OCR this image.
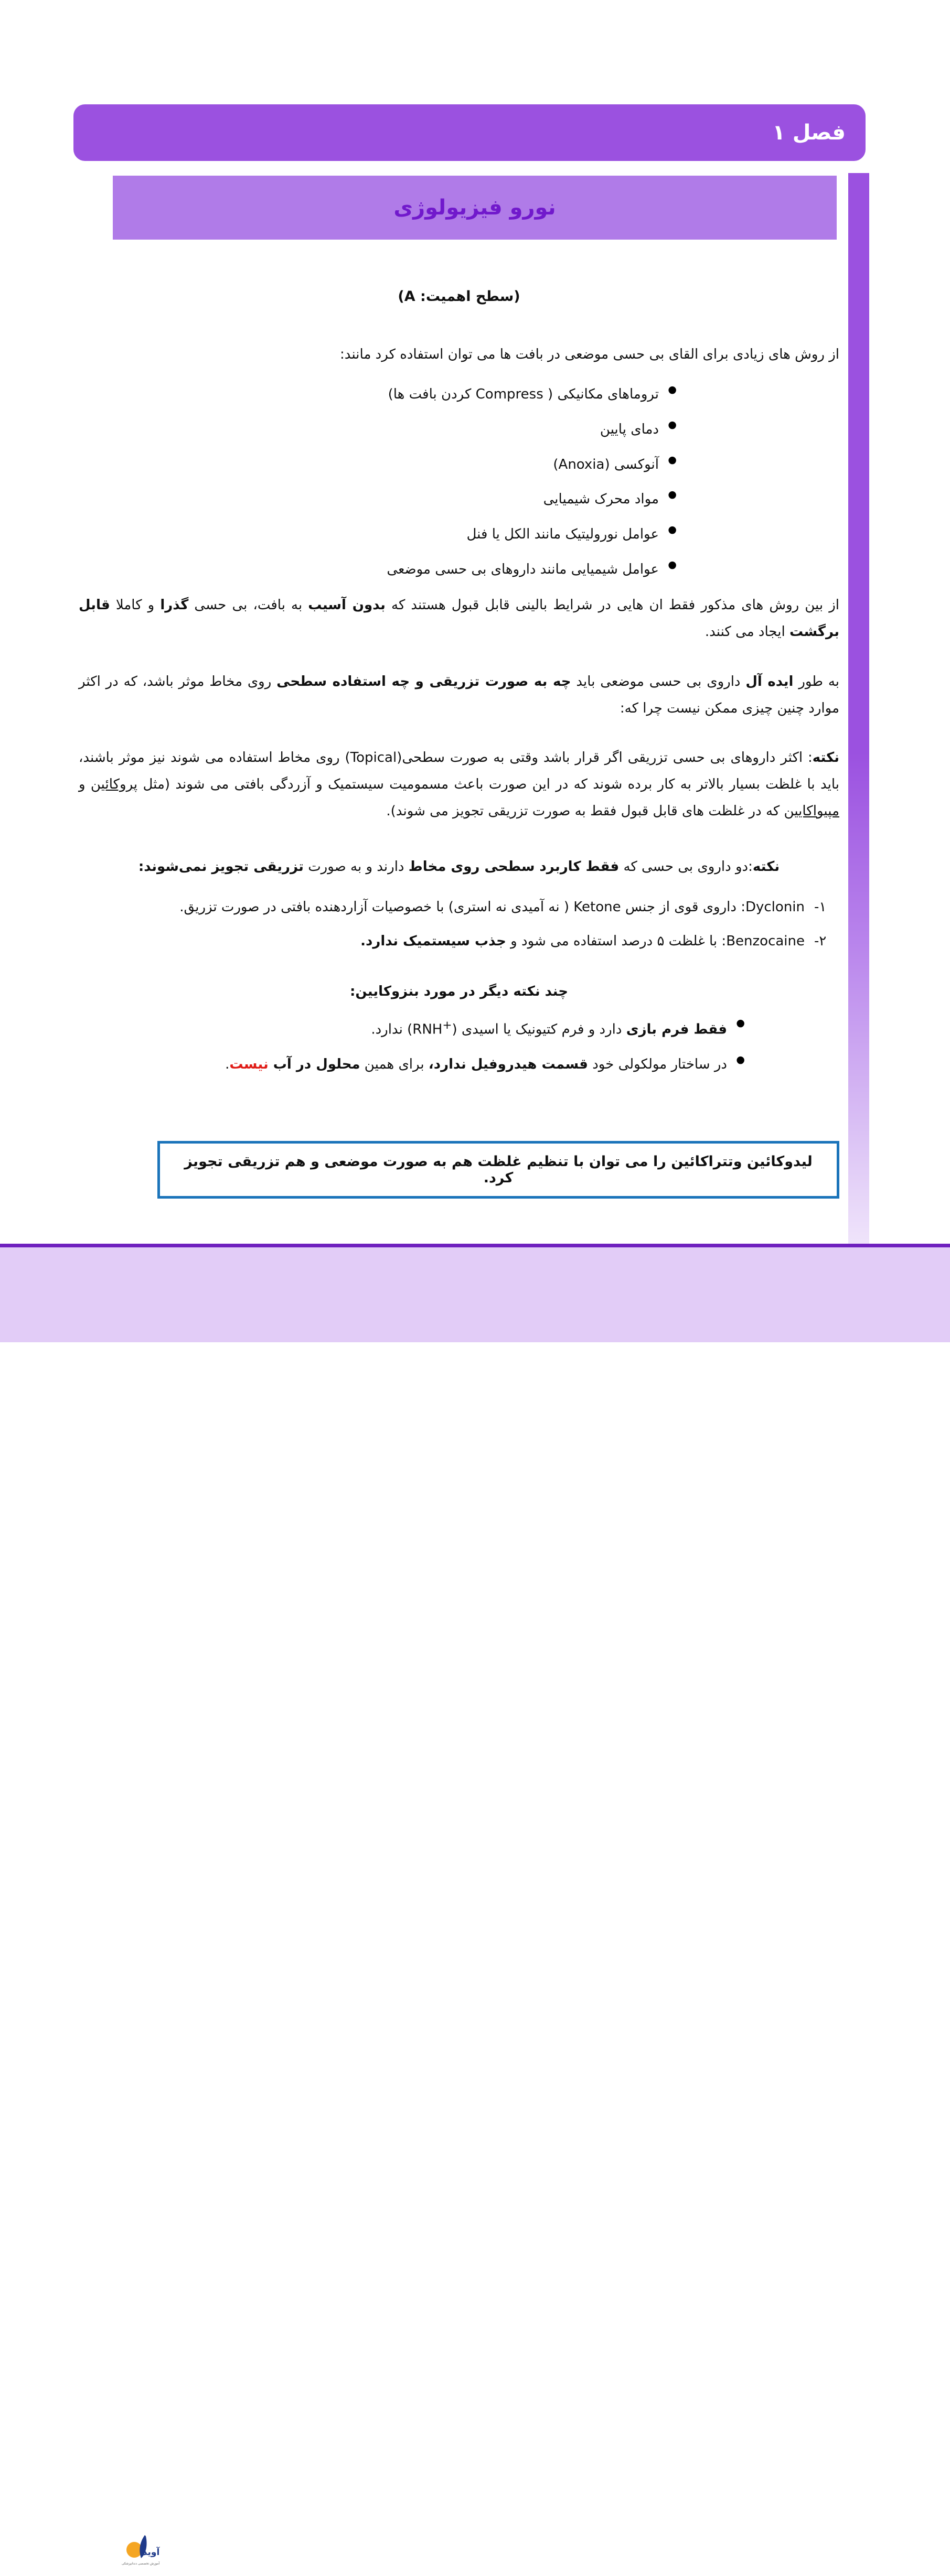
فصل ۱
نورو فیزیولوژی
(سطح اهمیت: A)

از روش های زیادی برای القای بی حسی موضعی در بافت ها می توان استفاده کرد مانند:

● تروماهای مکانیکی ( Compress کردن بافت ها)
● دمای پایین
● آنوکسی (Anoxia)
● مواد محرک شیمیایی
● عوامل نورولیتیک مانند الکل یا فنل
● عوامل شیمیایی مانند داروهای بی حسی موضعی

از بین روش های مذکور فقط ان هایی در شرایط بالینی قابل قبول هستند که بدون آسیب به بافت، بی حسی گذرا و کاملا قابل برگشت ایجاد می کنند.

به طور ایده آل داروی بی حسی موضعی باید چه به صورت تزریقی و چه استفاده سطحی روی مخاط موثر باشد، که در اکثر موارد چنین چیزی ممکن نیست چرا که:

نکته: اکثر داروهای بی حسی تزریقی اگر قرار باشد وقتی به صورت سطحی(Topical) روی مخاط استفاده می شوند نیز موثر باشند، باید با غلظت بسیار بالاتر به کار برده شوند که در این صورت باعث مسمومیت سیستمیک و آزردگی بافتی می شوند (مثل پروکائین و مپیواکایین که در غلظت های قابل قبول فقط به صورت تزریقی تجویز می شوند).

نکته:دو داروی بی حسی که فقط کاربرد سطحی روی مخاط دارند و به صورت تزریقی تجویز نمی‌شوند:

۱-
Dyclonin: داروی قوی از جنس Ketone ( نه آمیدی نه استری) با خصوصیات آزاردهنده بافتی در صورت تزریق.
۲-
Benzocaine: با غلظت ۵ درصد استفاده می شود و جذب سیستمیک ندارد.
چند نکته دیگر در مورد بنزوکایین:
● فقط فرم بازی دارد و فرم کتیونیک یا اسیدی (RNH+) ندارد.
● در ساختار مولکولی خود قسمت هیدروفیل ندارد، برای همین محلول در آب نیست.
لیدوکائین وتتراکائین را می توان با تنظیم غلظت هم به صورت موضعی و هم تزریقی تجویز کرد.
آوید
آموزش تخصصی دندانپزشکی
